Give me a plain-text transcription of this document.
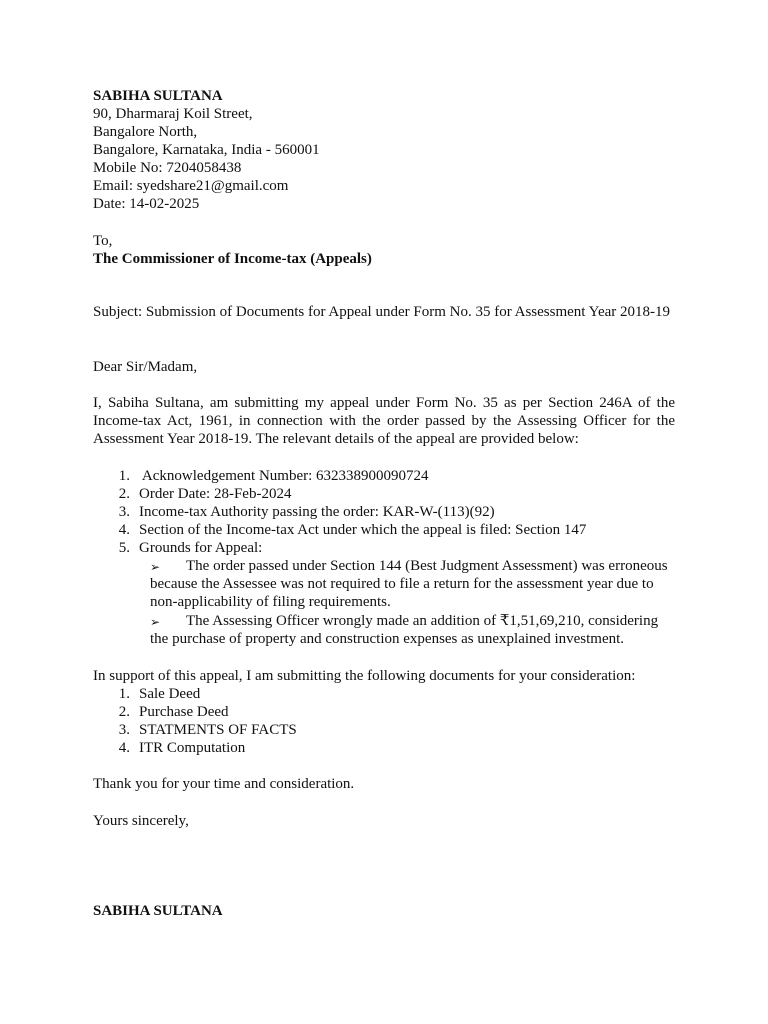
SABIHA SULTANA
90, Dharmaraj Koil Street,
Bangalore North,
Bangalore, Karnataka, India - 560001
Mobile No: 7204058438
Email: syedshare21@gmail.com
Date: 14-02-2025
To,
The Commissioner of Income-tax (Appeals)
Subject: Submission of Documents for Appeal under Form No. 35 for Assessment Year 2018-19
Dear Sir/Madam,
I, Sabiha Sultana, am submitting my appeal under Form No. 35 as per Section 246A of the Income-tax Act, 1961, in connection with the order passed by the Assessing Officer for the Assessment Year 2018-19. The relevant details of the appeal are provided below:
1. Acknowledgement Number: 632338900090724
2. Order Date: 28-Feb-2024
3. Income-tax Authority passing the order: KAR-W-(113)(92)
4. Section of the Income-tax Act under which the appeal is filed: Section 147
5. Grounds for Appeal:
➢	The order passed under Section 144 (Best Judgment Assessment) was erroneous because the Assessee was not required to file a return for the assessment year due to non-applicability of filing requirements.
➢	The Assessing Officer wrongly made an addition of ₹1,51,69,210, considering the purchase of property and construction expenses as unexplained investment.
In support of this appeal, I am submitting the following documents for your consideration:
1. Sale Deed
2. Purchase Deed
3. STATMENTS OF FACTS
4. ITR Computation
Thank you for your time and consideration.
Yours sincerely,
SABIHA SULTANA
